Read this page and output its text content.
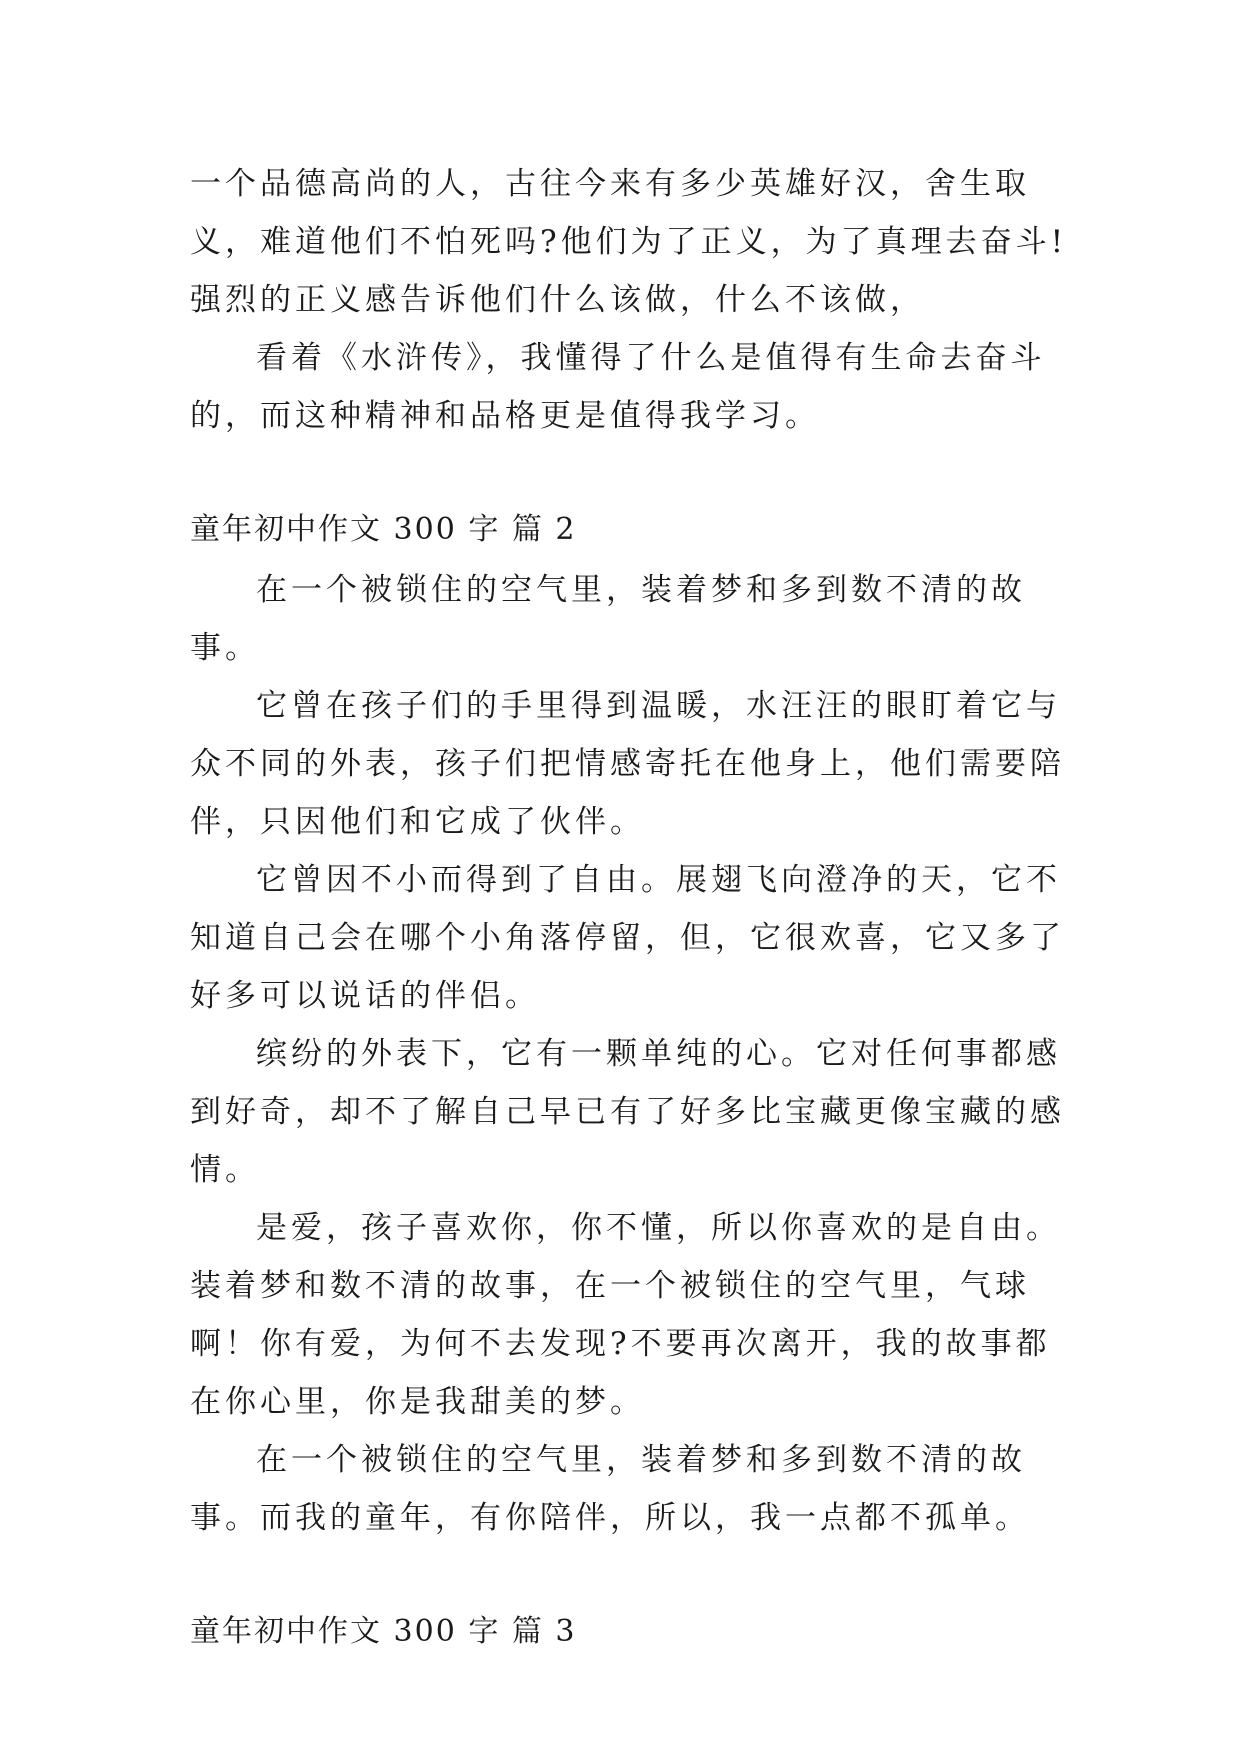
一个品德高尚的人，古往今来有多少英雄好汉，舍生取义，难道他们不怕死吗?他们为了正义，为了真理去奋斗!强烈的正义感告诉他们什么该做，什么不该做，

看着《水浒传》，我懂得了什么是值得有生命去奋斗的，而这种精神和品格更是值得我学习。

童年初中作文 300 字 篇 2

在一个被锁住的空气里，装着梦和多到数不清的故事。

它曾在孩子们的手里得到温暖，水汪汪的眼盯着它与众不同的外表，孩子们把情感寄托在他身上，他们需要陪伴，只因他们和它成了伙伴。

它曾因不小而得到了自由。展翅飞向澄净的天，它不知道自己会在哪个小角落停留，但，它很欢喜，它又多了好多可以说话的伴侣。

缤纷的外表下，它有一颗单纯的心。它对任何事都感到好奇，却不了解自己早已有了好多比宝藏更像宝藏的感情。

是爱，孩子喜欢你，你不懂，所以你喜欢的是自由。装着梦和数不清的故事，在一个被锁住的空气里，气球啊！你有爱，为何不去发现?不要再次离开，我的故事都在你心里，你是我甜美的梦。

在一个被锁住的空气里，装着梦和多到数不清的故事。而我的童年，有你陪伴，所以，我一点都不孤单。

童年初中作文 300 字 篇 3
